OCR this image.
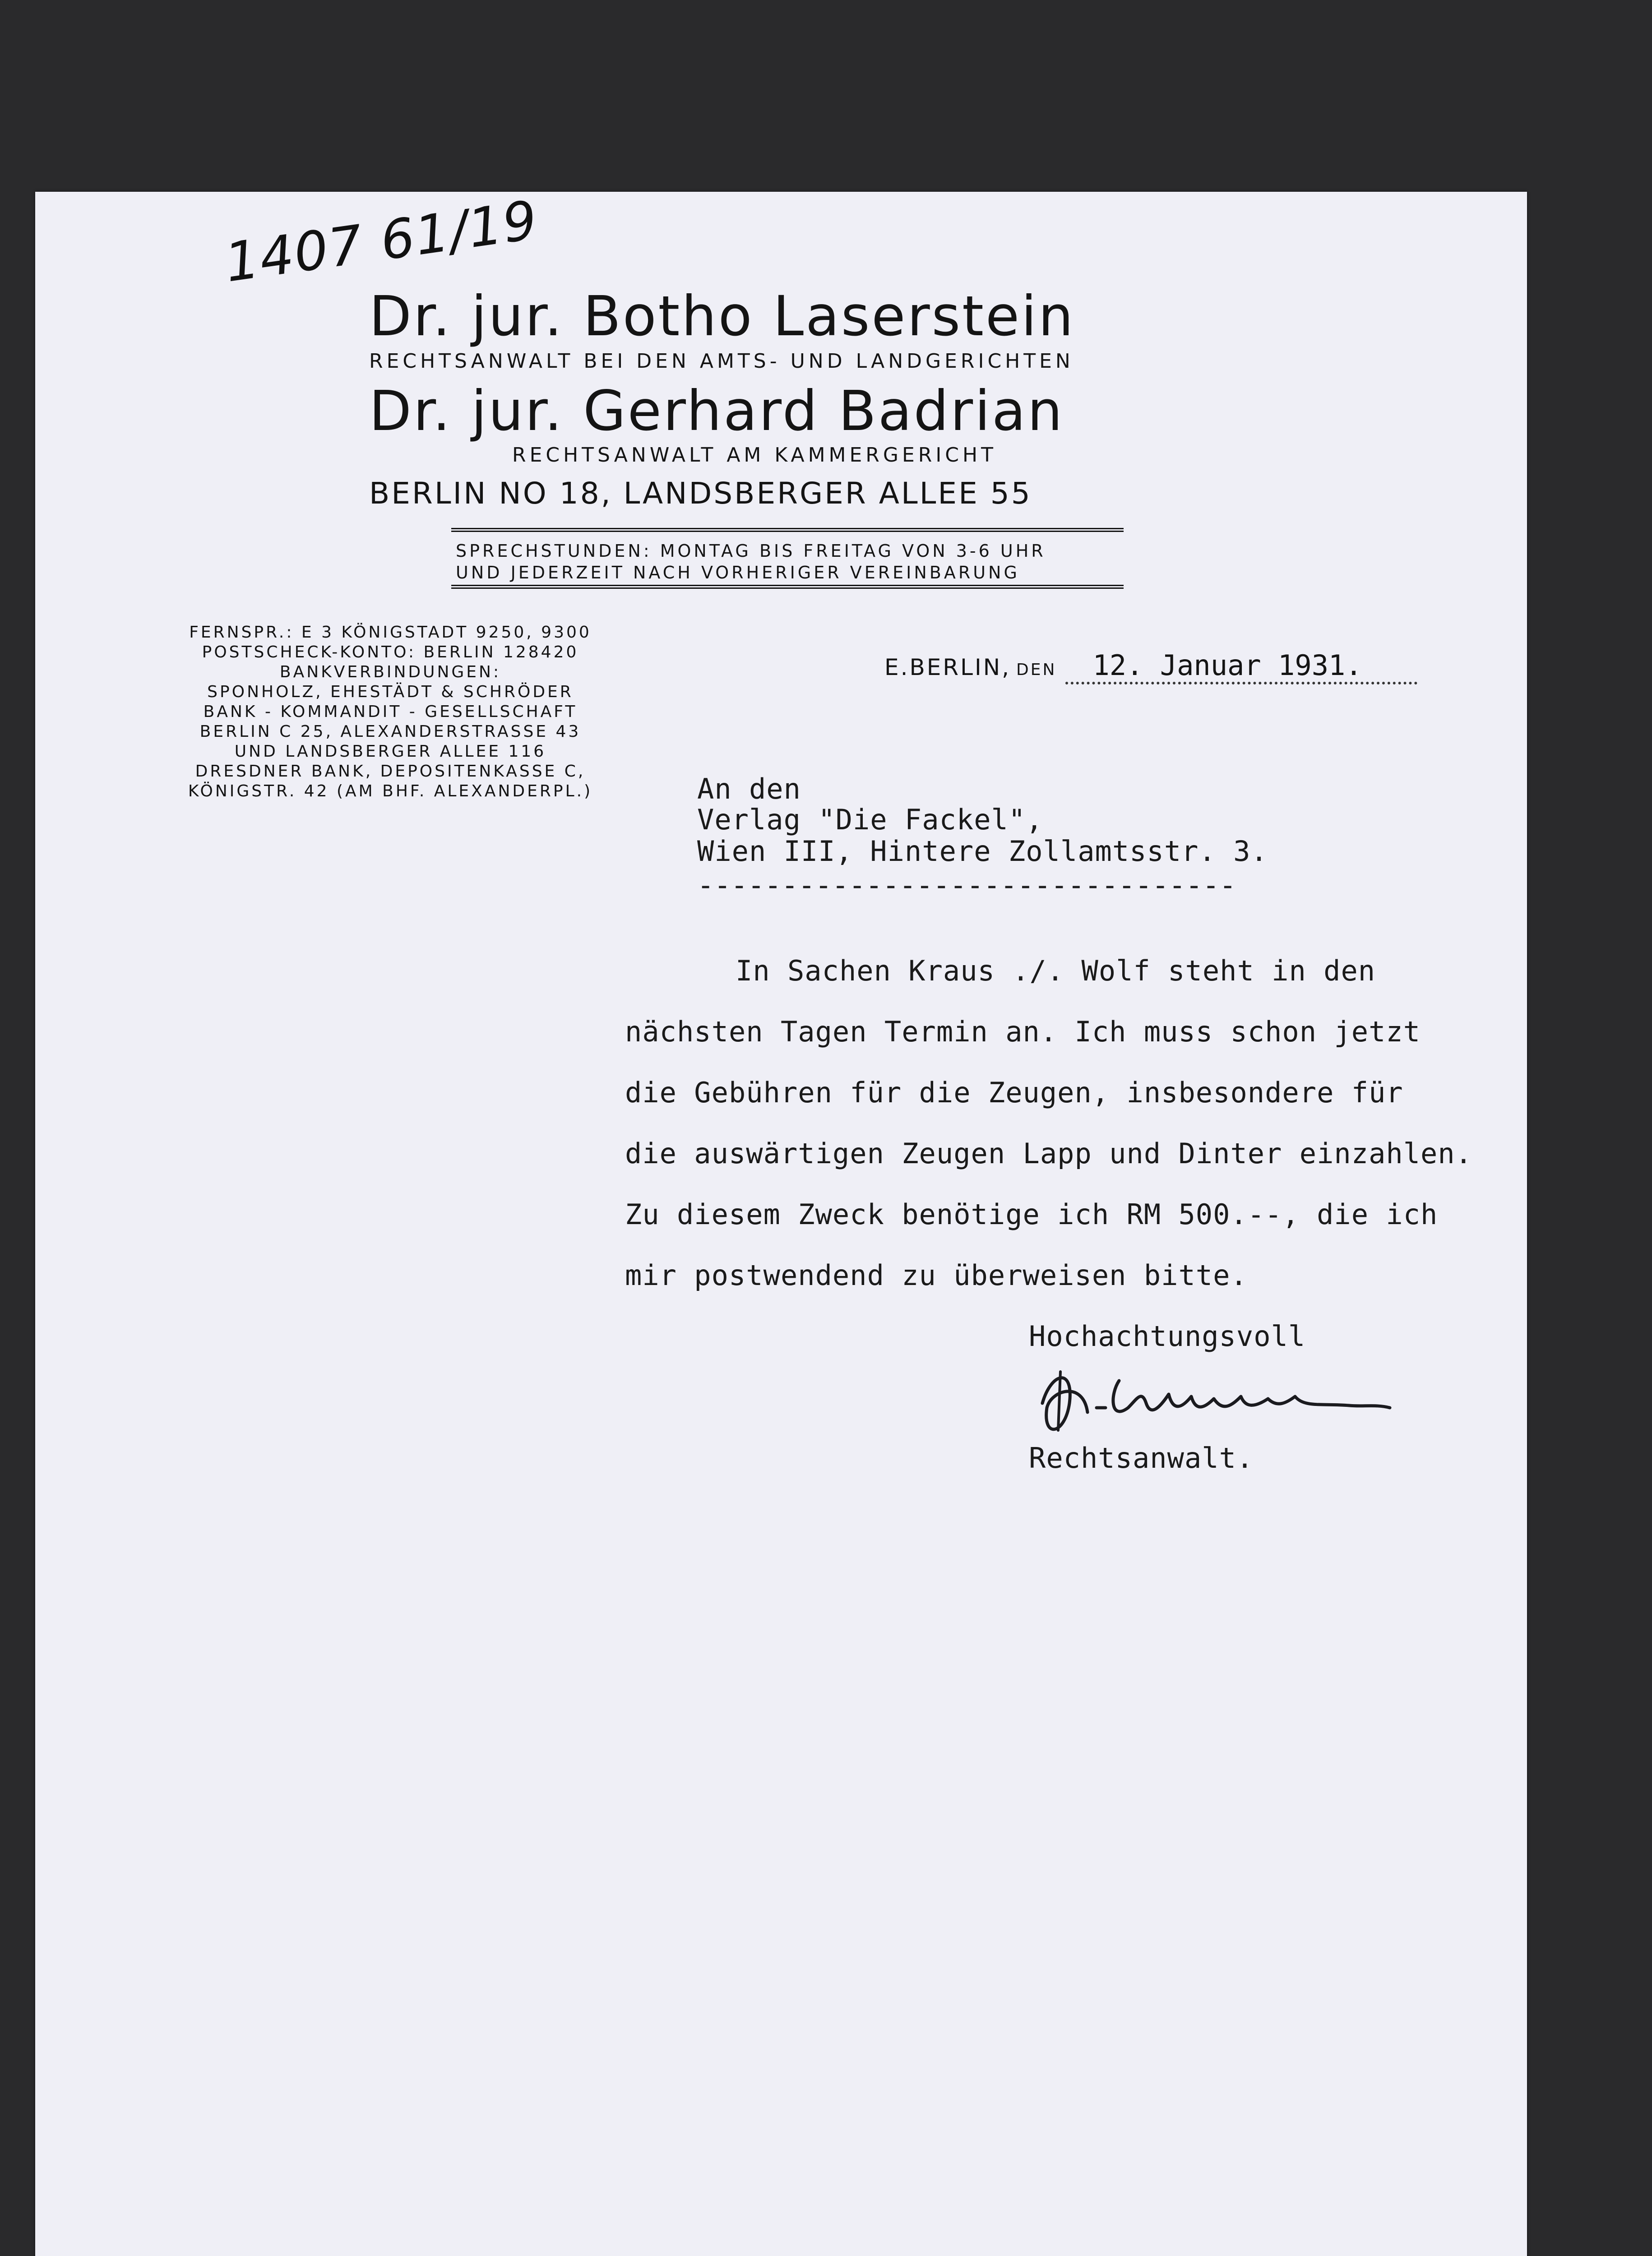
1407 61/19
Dr. jur. Botho Laserstein
RECHTSANWALT BEI DEN AMTS- UND LANDGERICHTEN
Dr. jur. Gerhard Badrian
RECHTSANWALT AM KAMMERGERICHT
BERLIN NO 18, LANDSBERGER ALLEE 55
SPRECHSTUNDEN: MONTAG BIS FREITAG VON 3-6 UHR
UND JEDERZEIT NACH VORHERIGER VEREINBARUNG
FERNSPR.: E 3 KÖNIGSTADT 9250, 9300
POSTSCHECK-KONTO: BERLIN 128420
BANKVERBINDUNGEN:
SPONHOLZ, EHESTÄDT & SCHRÖDER
BANK - KOMMANDIT - GESELLSCHAFT
BERLIN C 25, ALEXANDERSTRASSE 43
UND LANDSBERGER ALLEE 116
DRESDNER BANK, DEPOSITENKASSE C,
KÖNIGSTR. 42 (AM BHF. ALEXANDERPL.)
E.BERLIN, DEN 12. Januar 1931.
An den
Verlag "Die Fackel",
Wien III, Hintere Zollamtsstr. 3.
--------------------------------
In Sachen Kraus ./. Wolf steht in den
nächsten Tagen Termin an. Ich muss schon jetzt
die Gebühren für die Zeugen, insbesondere für
die auswärtigen Zeugen Lapp und Dinter einzahlen.
Zu diesem Zweck benötige ich RM 500.--, die ich
mir postwendend zu überweisen bitte.
Hochachtungsvoll
Rechtsanwalt.
